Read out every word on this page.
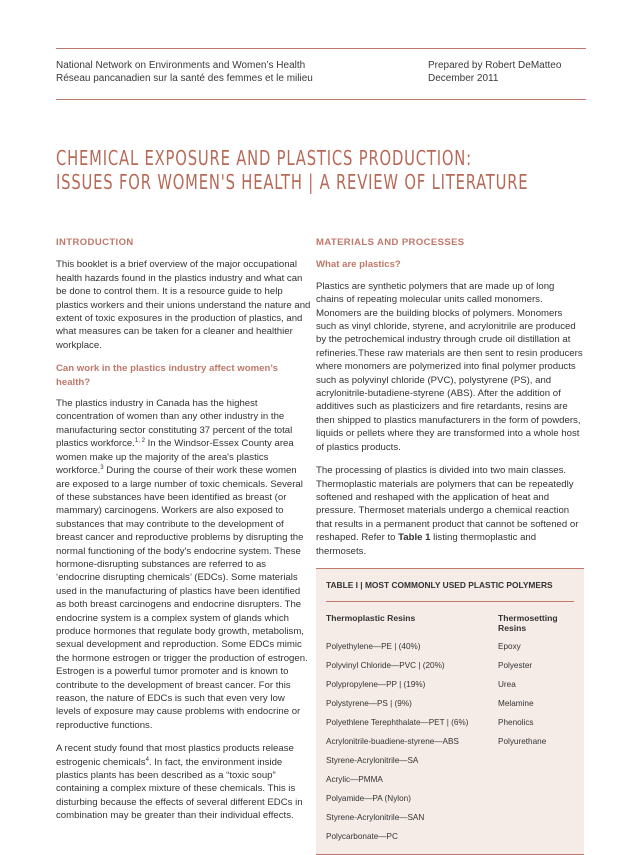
National Network on Environments and Women’s Health
Réseau pancanadien sur la santé des femmes et le milieu
Prepared by Robert DeMatteo
December 2011
CHEMICAL EXPOSURE AND PLASTICS PRODUCTION:
ISSUES FOR WOMEN'S HEALTH | A REVIEW OF LITERATURE
INTRODUCTION

This booklet is a brief overview of the major occupational health hazards found in the plastics industry and what can be done to control them. It is a resource guide to help plastics workers and their unions understand the nature and extent of toxic exposures in the production of plastics, and what measures can be taken for a cleaner and healthier workplace.

Can work in the plastics industry affect women’s health?

The plastics industry in Canada has the highest concentration of women than any other industry in the manufacturing sector constituting 37 percent of the total plastics workforce.$^{1, 2}$ In the Windsor-Essex County area women make up the majority of the area's plastics workforce.$^3$ During the course of their work these women are exposed to a large number of toxic chemicals. Several of these substances have been identified as breast (or mammary) carcinogens. Workers are also exposed to substances that may contribute to the development of breast cancer and reproductive problems by disrupting the normal functioning of the body's endocrine system. These hormone-disrupting substances are referred to as ‘endocrine disrupting chemicals’ (EDCs). Some materials used in the manufacturing of plastics have been identified as both breast carcinogens and endocrine disrupters. The endocrine system is a complex system of glands which produce hormones that regulate body growth, metabolism, sexual development and reproduction. Some EDCs mimic the hormone estrogen or trigger the production of estrogen. Estrogen is a powerful tumor promoter and is known to contribute to the development of breast cancer. For this reason, the nature of EDCs is such that even very low levels of exposure may cause problems with endocrine or reproductive functions.

A recent study found that most plastics products release estrogenic chemicals$^4$. In fact, the environment inside plastics plants has been described as a “toxic soup” containing a complex mixture of these chemicals. This is disturbing because the effects of several different EDCs in combination may be greater than their individual effects.

MATERIALS AND PROCESSES
What are plastics?

Plastics are synthetic polymers that are made up of long chains of repeating molecular units called monomers. Monomers are the building blocks of polymers. Monomers such as vinyl chloride, styrene, and acrylonitrile are produced by the petrochemical industry through crude oil distillation at refineries.These raw materials are then sent to resin producers where monomers are polymerized into final polymer products such as polyvinyl chloride (PVC), polystyrene (PS), and acrylonitrile-butadiene-styrene (ABS). After the addition of additives such as plasticizers and fire retardants, resins are then shipped to plastics manufacturers in the form of powders, liquids or pellets where they are transformed into a whole host of plastics products.

The processing of plastics is divided into two main classes. Thermoplastic materials are polymers that can be repeatedly softened and reshaped with the application of heat and pressure. Thermoset materials undergo a chemical reaction that results in a permanent product that cannot be softened or reshaped. Refer to Table 1 listing thermoplastic and thermosets.

TABLE I | MOST COMMONLY USED PLASTIC POLYMERS
Thermoplastic Resins	Thermosetting Resins
Polyethylene—PE | (40%)	Epoxy
Polyvinyl Chloride—PVC | (20%)	Polyester
Polypropylene—PP | (19%)	Urea
Polystyrene—PS | (9%)	Melamine
Polyethlene Terephthalate—PET | (6%)	Phenolics
Acrylonitrile-buadiene-styrene—ABS	Polyurethane
Styrene-Acrylonitrile—SA
Acrylic—PMMA
Polyamide—PA (Nylon)
Styrene-Acrylonitrile—SAN
Polycarbonate—PC
